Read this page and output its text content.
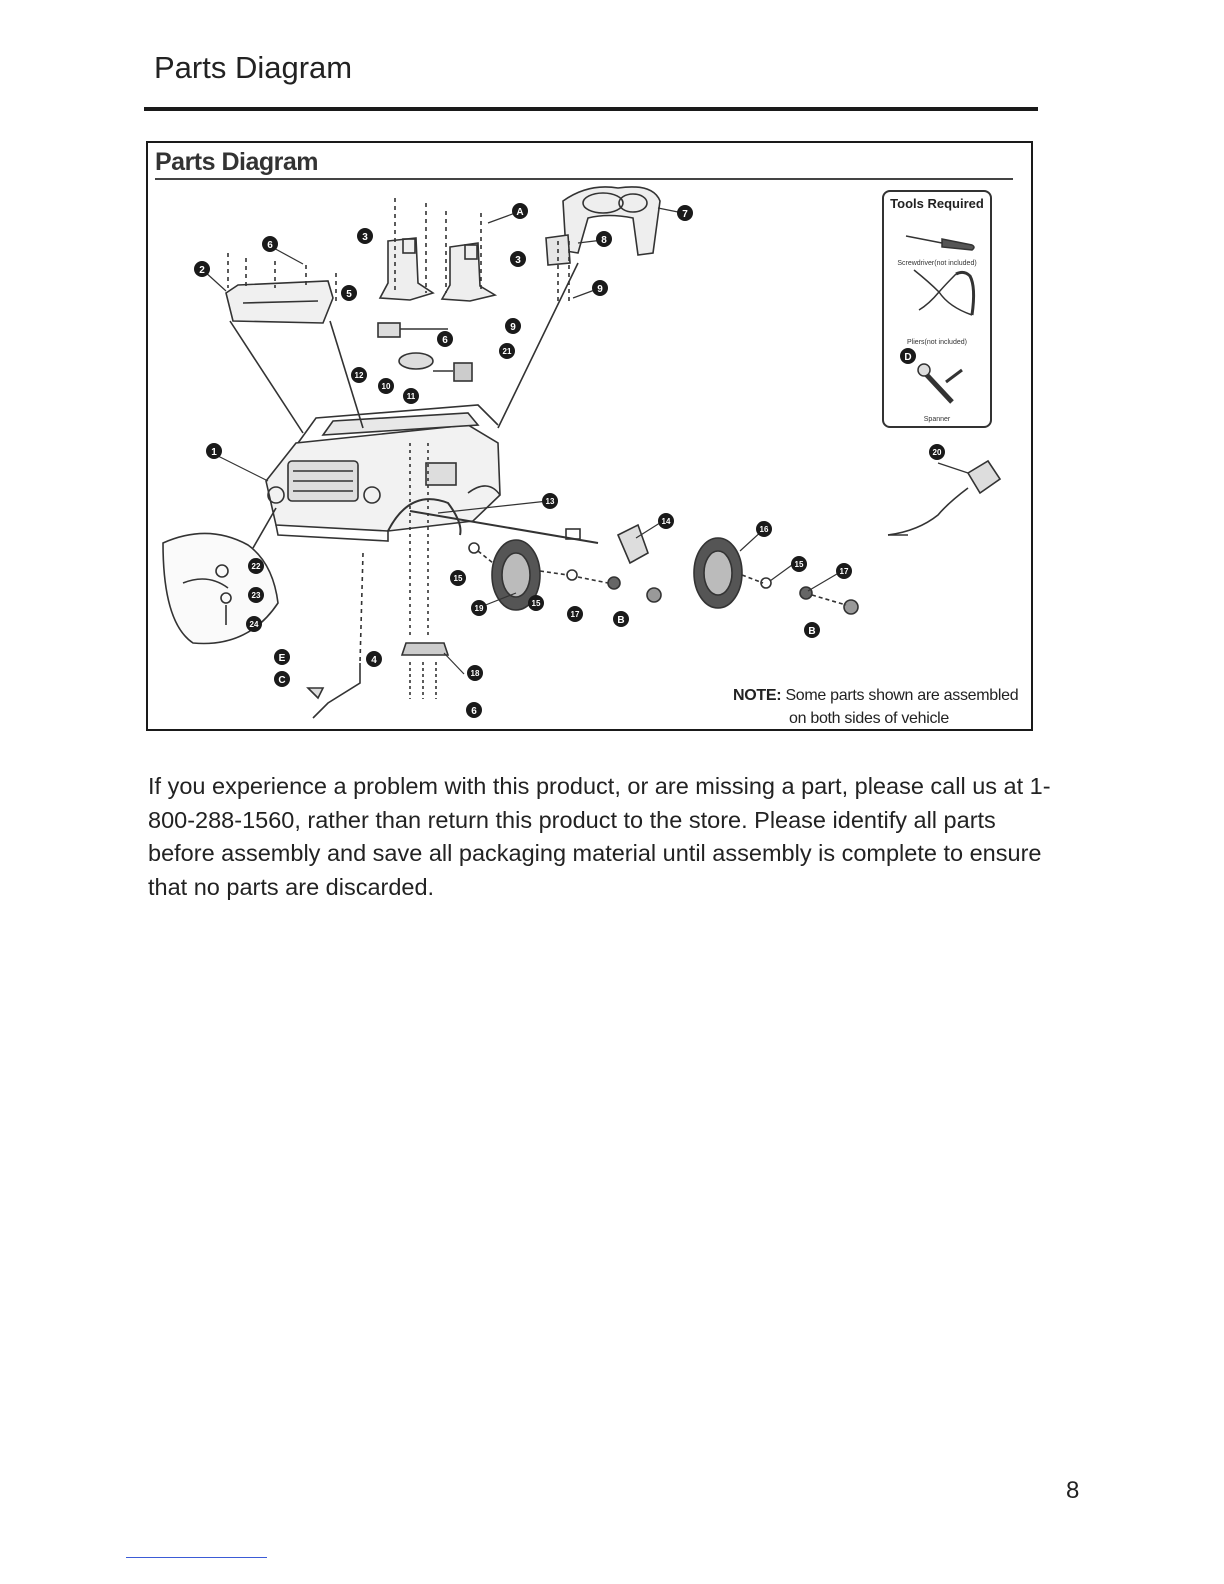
Parts Diagram
Parts Diagram
1
2
3
3
4
5
6
6
6
7
8
9
9
10
11
12
13
14
15
15
15
16
17
17
18
19
20
21
22
23
24
A
B
B
C
E
Tools Required
D
Screwdriver(not included)
Pliers(not included)
Spanner
NOTE: Some parts shown are assembled
on both sides of vehicle

If you experience a problem with this product, or are missing a part, please call us at 1-800-288-1560, rather than return this product to the store. Please identify all parts before assembly and save all packaging material until assembly is complete to ensure that no parts are discarded.

8
